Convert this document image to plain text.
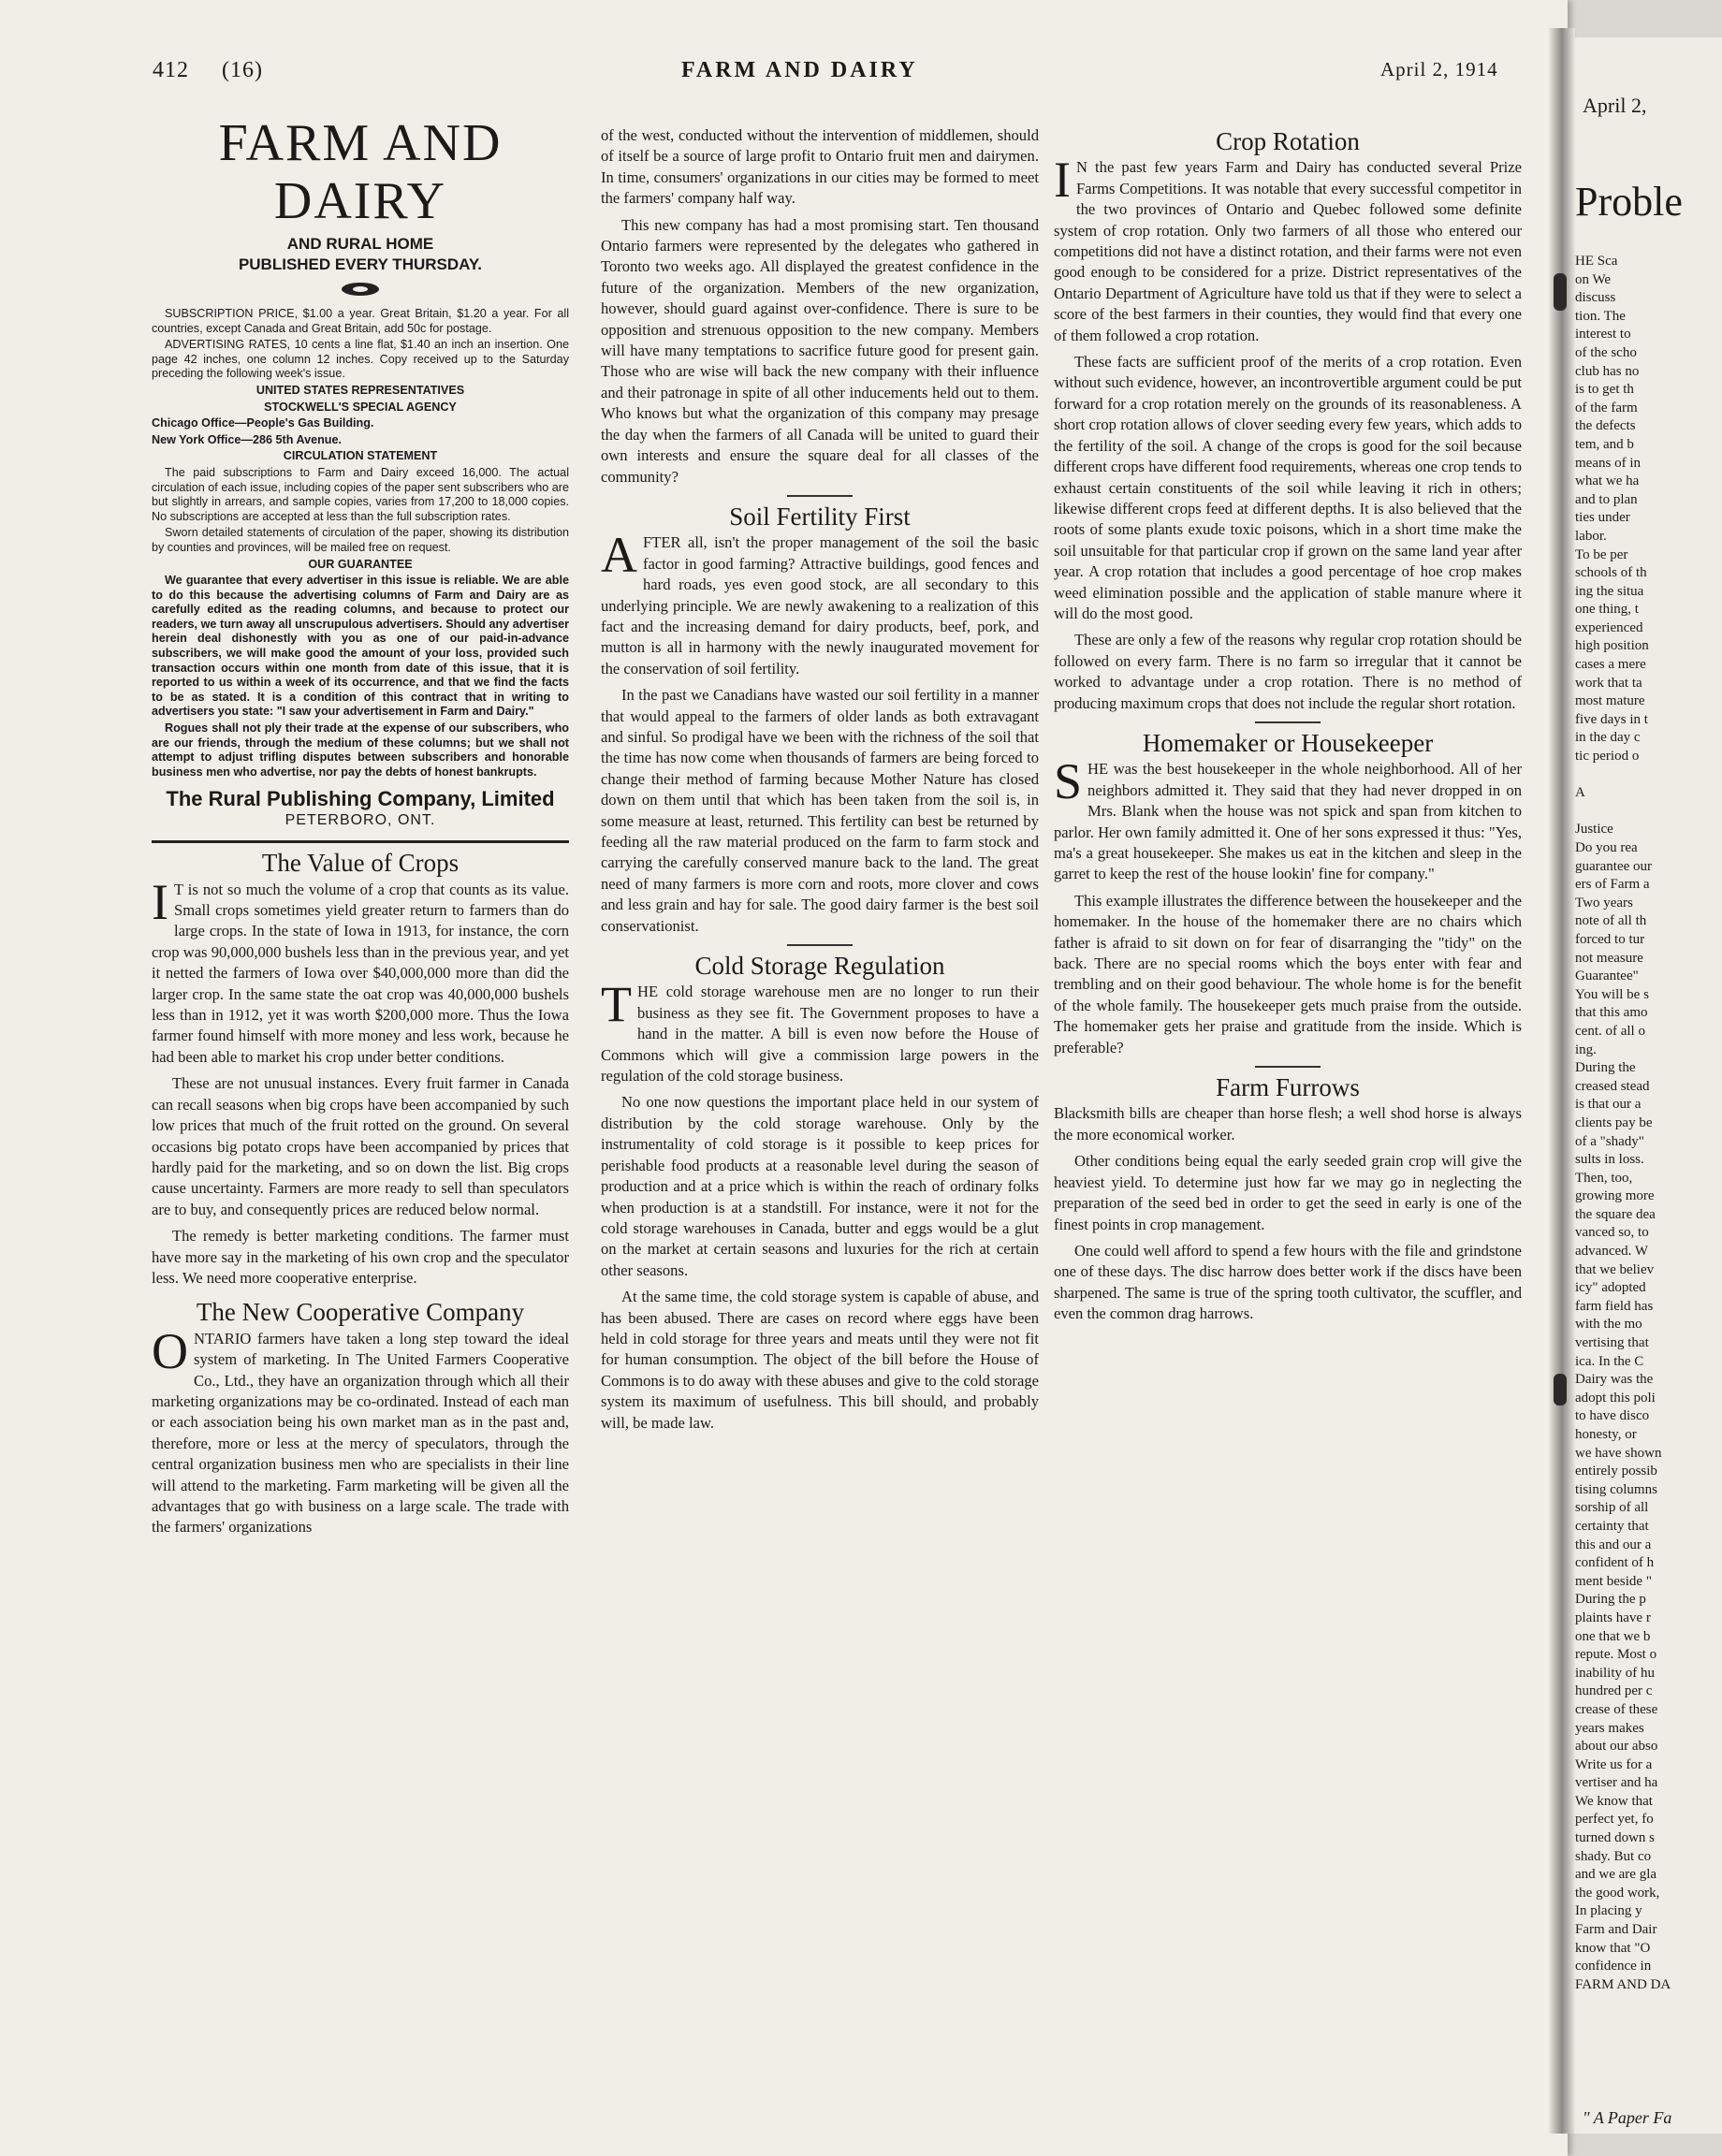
412 (16)	FARM AND DAIRY	April 2, 1914
FARM AND DAIRY
AND RURAL HOME
PUBLISHED EVERY THURSDAY.

SUBSCRIPTION PRICE, $1.00 a year. Great Britain, $1.20 a year. For all countries, except Canada and Great Britain, add 50c for postage.

ADVERTISING RATES, 10 cents a line flat, $1.40 an inch an insertion. One page 42 inches, one column 12 inches. Copy received up to the Saturday preceding the following week's issue.

UNITED STATES REPRESENTATIVES

STOCKWELL'S SPECIAL AGENCY

Chicago Office—People's Gas Building.

New York Office—286 5th Avenue.

CIRCULATION STATEMENT

The paid subscriptions to Farm and Dairy exceed 16,000. The actual circulation of each issue, including copies of the paper sent subscribers who are but slightly in arrears, and sample copies, varies from 17,200 to 18,000 copies. No subscriptions are accepted at less than the full subscription rates.

Sworn detailed statements of circulation of the paper, showing its distribution by counties and provinces, will be mailed free on request.

OUR GUARANTEE

We guarantee that every advertiser in this issue is reliable. We are able to do this because the advertising columns of Farm and Dairy are as carefully edited as the reading columns, and because to protect our readers, we turn away all unscrupulous advertisers. Should any advertiser herein deal dishonestly with you as one of our paid-in-advance subscribers, we will make good the amount of your loss, provided such transaction occurs within one month from date of this issue, that it is reported to us within a week of its occurrence, and that we find the facts to be as stated. It is a condition of this contract that in writing to advertisers you state: "I saw your advertisement in Farm and Dairy."

Rogues shall not ply their trade at the expense of our subscribers, who are our friends, through the medium of these columns; but we shall not attempt to adjust trifling disputes between subscribers and honorable business men who advertise, nor pay the debts of honest bankrupts.

The Rural Publishing Company, Limited
PETERBORO, ONT.
The Value of Crops

I T is not so much the volume of a crop that counts as its value. Small crops sometimes yield greater return to farmers than do large crops. In the state of Iowa in 1913, for instance, the corn crop was 90,000,000 bushels less than in the previous year, and yet it netted the farmers of Iowa over $40,000,000 more than did the larger crop. In the same state the oat crop was 40,000,000 bushels less than in 1912, yet it was worth $200,000 more. Thus the Iowa farmer found himself with more money and less work, because he had been able to market his crop under better conditions.

These are not unusual instances. Every fruit farmer in Canada can recall seasons when big crops have been accompanied by such low prices that much of the fruit rotted on the ground. On several occasions big potato crops have been accompanied by prices that hardly paid for the marketing, and so on down the list. Big crops cause uncertainty. Farmers are more ready to sell than speculators are to buy, and consequently prices are reduced below normal.

The remedy is better marketing conditions. The farmer must have more say in the marketing of his own crop and the speculator less. We need more cooperative enterprise.

The New Cooperative Company

ONTARIO farmers have taken a long step toward the ideal system of marketing. In The United Farmers Cooperative Co., Ltd., they have an organization through which all their marketing organizations may be co-ordinated. Instead of each man or each association being his own market man as in the past and, therefore, more or less at the mercy of speculators, through the central organization business men who are specialists in their line will attend to the marketing. Farm marketing will be given all the advantages that go with business on a large scale. The trade with the farmers' organizations

of the west, conducted without the intervention of middlemen, should of itself be a source of large profit to Ontario fruit men and dairymen. In time, consumers' organizations in our cities may be formed to meet the farmers' company half way.

This new company has had a most promising start. Ten thousand Ontario farmers were represented by the delegates who gathered in Toronto two weeks ago. All displayed the greatest confidence in the future of the organization. Members of the new organization, however, should guard against over-confidence. There is sure to be opposition and strenuous opposition to the new company. Members will have many temptations to sacrifice future good for present gain. Those who are wise will back the new company with their influence and their patronage in spite of all other inducements held out to them. Who knows but what the organization of this company may presage the day when the farmers of all Canada will be united to guard their own interests and ensure the square deal for all classes of the community?

Soil Fertility First

AFTER all, isn't the proper management of the soil the basic factor in good farming? Attractive buildings, good fences and hard roads, yes even good stock, are all secondary to this underlying principle. We are newly awakening to a realization of this fact and the increasing demand for dairy products, beef, pork, and mutton is all in harmony with the newly inaugurated movement for the conservation of soil fertility.

In the past we Canadians have wasted our soil fertility in a manner that would appeal to the farmers of older lands as both extravagant and sinful. So prodigal have we been with the richness of the soil that the time has now come when thousands of farmers are being forced to change their method of farming because Mother Nature has closed down on them until that which has been taken from the soil is, in some measure at least, returned. This fertility can best be returned by feeding all the raw material produced on the farm to farm stock and carrying the carefully conserved manure back to the land. The great need of many farmers is more corn and roots, more clover and cows and less grain and hay for sale. The good dairy farmer is the best soil conservationist.

Cold Storage Regulation

THE cold storage warehouse men are no longer to run their business as they see fit. The Government proposes to have a hand in the matter. A bill is even now before the House of Commons which will give a commission large powers in the regulation of the cold storage business.

No one now questions the important place held in our system of distribution by the cold storage warehouse. Only by the instrumentality of cold storage is it possible to keep prices for perishable food products at a reasonable level during the season of production and at a price which is within the reach of ordinary folks when production is at a standstill. For instance, were it not for the cold storage warehouses in Canada, butter and eggs would be a glut on the market at certain seasons and luxuries for the rich at certain other seasons.

At the same time, the cold storage system is capable of abuse, and has been abused. There are cases on record where eggs have been held in cold storage for three years and meats until they were not fit for human consumption. The object of the bill before the House of Commons is to do away with these abuses and give to the cold storage system its maximum of usefulness. This bill should, and probably will, be made law.

Crop Rotation

I N the past few years Farm and Dairy has conducted several Prize Farms Competitions. It was notable that every successful competitor in the two provinces of Ontario and Quebec followed some definite system of crop rotation. Only two farmers of all those who entered our competitions did not have a distinct rotation, and their farms were not even good enough to be considered for a prize. District representatives of the Ontario Department of Agriculture have told us that if they were to select a score of the best farmers in their counties, they would find that every one of them followed a crop rotation.

These facts are sufficient proof of the merits of a crop rotation. Even without such evidence, however, an incontrovertible argument could be put forward for a crop rotation merely on the grounds of its reasonableness. A short crop rotation allows of clover seeding every few years, which adds to the fertility of the soil. A change of the crops is good for the soil because different crops have different food requirements, whereas one crop tends to exhaust certain constituents of the soil while leaving it rich in others; likewise different crops feed at different depths. It is also believed that the roots of some plants exude toxic poisons, which in a short time make the soil unsuitable for that particular crop if grown on the same land year after year. A crop rotation that includes a good percentage of hoe crop makes weed elimination possible and the application of stable manure where it will do the most good.

These are only a few of the reasons why regular crop rotation should be followed on every farm. There is no farm so irregular that it cannot be worked to advantage under a crop rotation. There is no method of producing maximum crops that does not include the regular short rotation.

Homemaker or Housekeeper

SHE was the best housekeeper in the whole neighborhood. All of her neighbors admitted it. They said that they had never dropped in on Mrs. Blank when the house was not spick and span from kitchen to parlor. Her own family admitted it. One of her sons expressed it thus: "Yes, ma's a great housekeeper. She makes us eat in the kitchen and sleep in the garret to keep the rest of the house lookin' fine for company."

This example illustrates the difference between the housekeeper and the homemaker. In the house of the homemaker there are no chairs which father is afraid to sit down on for fear of disarranging the "tidy" on the back. There are no special rooms which the boys enter with fear and trembling and on their good behaviour. The whole home is for the benefit of the whole family. The housekeeper gets much praise from the outside. The homemaker gets her praise and gratitude from the inside. Which is preferable?

Farm Furrows

Blacksmith bills are cheaper than horse flesh; a well shod horse is always the more economical worker.

Other conditions being equal the early seeded grain crop will give the heaviest yield. To determine just how far we may go in neglecting the preparation of the seed bed in order to get the seed in early is one of the finest points in crop management.

One could well afford to spend a few hours with the file and grindstone one of these days. The disc harrow does better work if the discs have been sharpened. The same is true of the spring tooth cultivator, the scuffler, and even the common drag harrows.

April 2,
Proble
HE Sca
on We
discuss
tion. The
interest to
of the scho
club has no
is to get th
of the farm
the defects
tem, and b
means of in
what we ha
and to plan
ties under
labor.
To be per
schools of th
ing the situa
one thing, t
experienced
high position
cases a mere
work that ta
most mature
five days in t
in the day c
tic period o
A
Justice
Do you rea
guarantee our
ers of Farm a
Two years
note of all th
forced to tur
not measure
Guarantee"
You will be s
that this amo
cent. of all o
ing.
During the
creased stead
is that our a
clients pay be
of a "shady"
sults in loss.
Then, too,
growing more
the square dea
vanced so, to
advanced. W
that we believ
icy" adopted
farm field has
with the mo
vertising that
ica. In the C
Dairy was the
adopt this poli
to have disco
honesty, or
we have shown
entirely possib
tising columns
sorship of all
certainty that
this and our a
confident of h
ment beside "
During the p
plaints have r
one that we b
repute. Most o
inability of hu
hundred per c
crease of these
years makes
about our abso
Write us for a
vertiser and ha
We know that
perfect yet, fo
turned down s
shady. But co
and we are gla
the good work,
In placing y
Farm and Dair
know that "O
confidence in
FARM AND DA
" A Paper Fa
